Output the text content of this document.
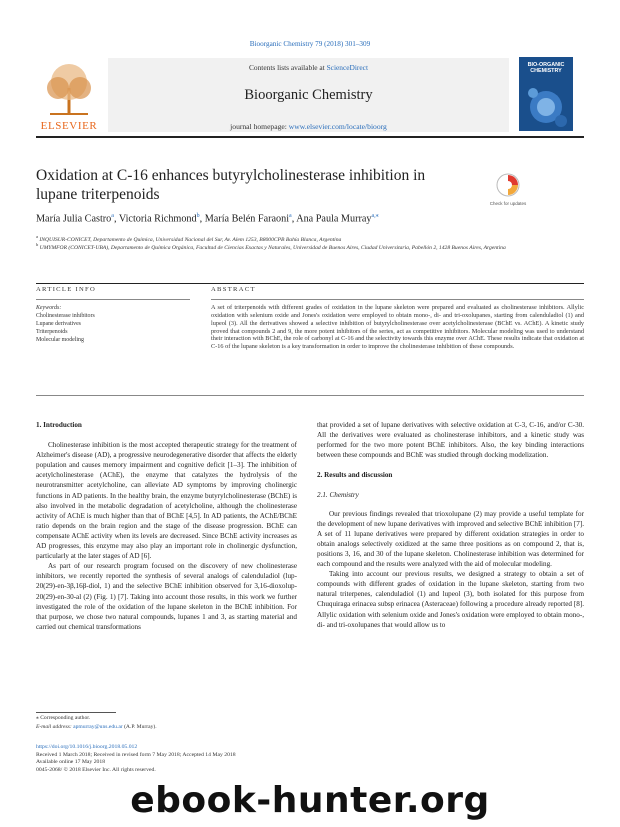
Bioorganic Chemistry 79 (2018) 301–309
ELSEVIER
Contents lists available at ScienceDirect
Bioorganic Chemistry
journal homepage: www.elsevier.com/locate/bioorg
BIO-ORGANIC CHEMISTRY
Oxidation at C-16 enhances butyrylcholinesterase inhibition in lupane triterpenoids
Check for updates
María Julia Castro$^a$, Victoria Richmond$^b$, María Belén Faraoni$^a$, Ana Paula Murray$^{a,⁎}$
$^a$ INQUISUR-CONICET, Departamento de Química, Universidad Nacional del Sur, Av. Alem 1253, B8000CPB Bahía Blanca, Argentina
$^b$ UMYMFOR (CONICET-UBA), Departamento de Química Orgánica, Facultad de Ciencias Exactas y Naturales, Universidad de Buenos Aires, Ciudad Universitaria, Pabellón 2, 1428 Buenos Aires, Argentina
ARTICLE INFO	ABSTRACT
Keywords:
Cholinesterase inhibitors
Lupane derivatives
Triterpenoids
Molecular modeling
A set of triterpenoids with different grades of oxidation in the lupane skeleton were prepared and evaluated as cholinesterase inhibitors. Allylic oxidation with selenium oxide and Jones's oxidation were employed to obtain mono-, di- and tri-oxolupanes, starting from calenduladiol (1) and lupeol (3). All the derivatives showed a selective inhibition of butyrylcholinesterase over acetylcholinesterase (BChE vs. AChE). A kinetic study proved that compounds 2 and 9, the more potent inhibitors of the series, act as competitive inhibitors. Molecular modeling was used to understand their interaction with BChE, the role of carbonyl at C-16 and the selectivity towards this enzyme over AChE. These results indicate that oxidation at C-16 of the lupane skeleton is a key transformation in order to improve the cholinesterase inhibition of these compounds.

1. Introduction

Cholinesterase inhibition is the most accepted therapeutic strategy for the treatment of Alzheimer's disease (AD), a progressive neurodegenerative disorder that affects the elderly population and causes memory impairment and cognitive deficit [1–3]. The inhibition of acetylcholinesterase (AChE), the enzyme that catalyzes the hydrolysis of the neurotransmitter acetylcholine, can alleviate AD symptoms by improving cholinergic functions in AD patients. In the healthy brain, the enzyme butyrylcholinesterase (BChE) is also involved in the metabolic degradation of acetylcholine, although the cholinesterase activity of AChE is much higher than that of BChE [4,5]. In AD patients, the AChE/BChE ratio depends on the brain region and the stage of the disease progression. BChE can compensate AChE activity when its levels are decreased. Since BChE activity increases as AD progresses, this enzyme may also play an important role in cholinergic dysfunction, particularly at the later stages of AD [6].

As part of our research program focused on the discovery of new cholinesterase inhibitors, we recently reported the synthesis of several analogs of calenduladiol (lup-20(29)-en-3β,16β-diol, 1) and the selective BChE inhibition observed for 3,16-dioxolup-20(29)-en-30-al (2) (Fig. 1) [7]. Taking into account those results, in this work we further investigated the role of the oxidation of the lupane skeleton in the BChE inhibition. For that purpose, we chose two natural compounds, lupanes 1 and 3, as starting material and carried out chemical transformations

that provided a set of lupane derivatives with selective oxidation at C-3, C-16, and/or C-30. All the derivatives were evaluated as cholinesterase inhibitors, and a kinetic study was performed for the two more potent BChE inhibitors. Also, the key binding interactions between these compounds and BChE was studied through docking modelization.

2. Results and discussion

2.1. Chemistry

Our previous findings revealed that trioxolupane (2) may provide a useful template for the development of new lupane derivatives with improved and selective BChE inhibition [7]. A set of 11 lupane derivatives were prepared by different oxidation strategies in order to obtain analogs selectively oxidized at the same three positions as on compound 2, that is, positions 3, 16, and 30 of the lupane skeleton. Cholinesterase inhibition was determined for each compound and the results were analyzed with the aid of molecular modeling.

Taking into account our previous results, we designed a strategy to obtain a set of compounds with different grades of oxidation in the lupane skeleton, starting from two natural triterpenes, calenduladiol (1) and lupeol (3), both isolated for this purpose from Chuquiraga erinacea subsp erinacea (Asteraceae) following a procedure already reported [8]. Allylic oxidation with selenium oxide and Jones's oxidation were employed to obtain mono-, di- and tri-oxolupanes that would allow us to

⁎ Corresponding author.
E-mail address: apmurray@uns.edu.ar (A.P. Murray).
https://doi.org/10.1016/j.bioorg.2018.05.012
Received 1 March 2018; Received in revised form 7 May 2018; Accepted 14 May 2018
Available online 17 May 2018
0045-2068/ © 2018 Elsevier Inc. All rights reserved.
ebook-hunter.org
